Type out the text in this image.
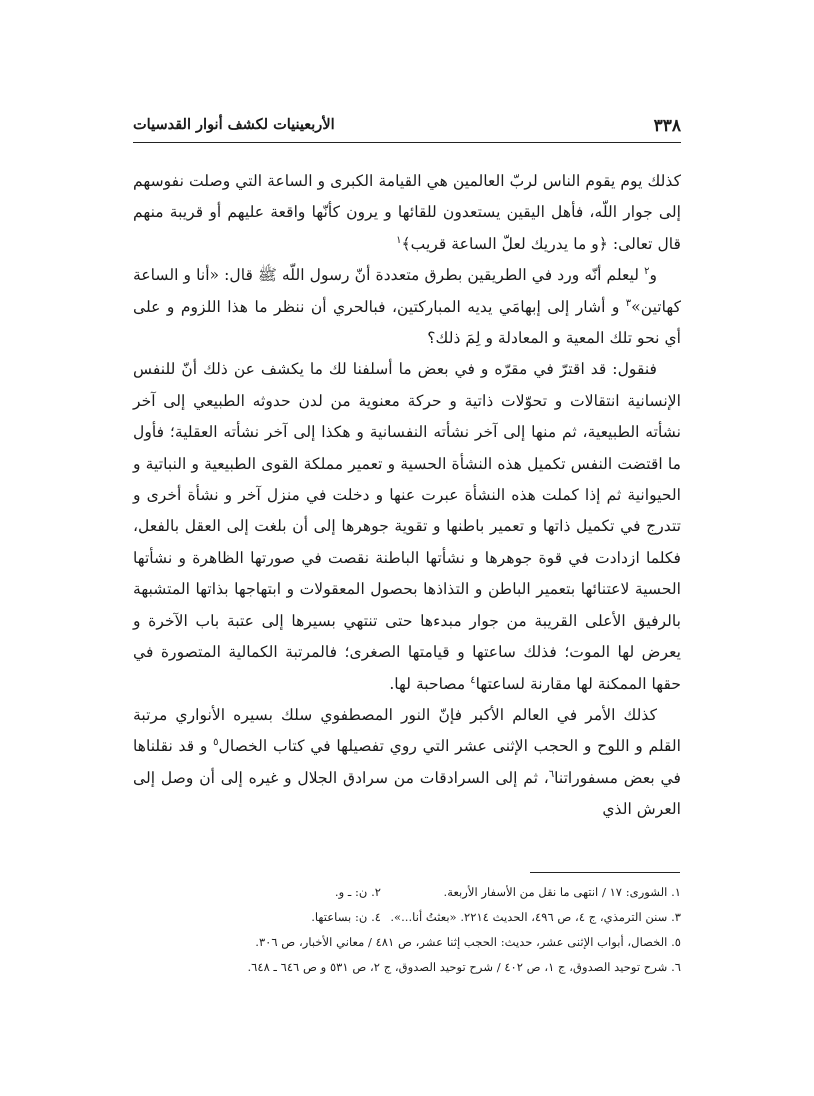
٣٣٨
الأربعينيات لكشف أنوار القدسيات

كذلك يوم يقوم الناس لربّ العالمين هي القيامة الكبرى و الساعة التي وصلت نفوسهم إلى جوار اللّه، فأهل اليقين يستعدون للقائها و يرون كأنّها واقعة عليهم أو قريبة منهم قال تعالى: ﴿و ما يدريك لعلّ الساعة قريب﴾$^١$

و$^٢$ ليعلم أنّه ورد في الطريقين بطرق متعددة أنّ رسول اللّه ﷺ قال: «أنا و الساعة كهاتين»$^٣$ و أشار إلى إبهامَي يديه المباركتين، فبالحري أن ننظر ما هذا اللزوم و على أي نحو تلك المعية و المعادلة و لِمَ ذلك؟

فنقول: قد اقترّ في مقرّه و في بعض ما أسلفنا لك ما يكشف عن ذلك أنّ للنفس الإنسانية انتقالات و تحوّلات ذاتية و حركة معنوية من لدن حدوثه الطبيعي إلى آخر نشأته الطبيعية، ثم منها إلى آخر نشأته النفسانية و هكذا إلى آخر نشأته العقلية؛ فأول ما اقتضت النفس تكميل هذه النشأة الحسية و تعمير مملكة القوى الطبيعية و النباتية و الحيوانية ثم إذا كملت هذه النشأة عبرت عنها و دخلت في منزل آخر و نشأة أخرى و تتدرج في تكميل ذاتها و تعمير باطنها و تقوية جوهرها إلى أن بلغت إلى العقل بالفعل، فكلما ازدادت في قوة جوهرها و نشأتها الباطنة نقصت في صورتها الظاهرة و نشأتها الحسية لاعتنائها بتعمير الباطن و التذاذها بحصول المعقولات و ابتهاجها بذاتها المتشبهة بالرفيق الأعلى القريبة من جوار مبدءها حتى تنتهي بسيرها إلى عتبة باب الآخرة و يعرض لها الموت؛ فذلك ساعتها و قيامتها الصغرى؛ فالمرتبة الكمالية المتصورة في حقها الممكنة لها مقارنة لساعتها$^٤$ مصاحبة لها.

كذلك الأمر في العالم الأكبر فإنّ النور المصطفوي سلك بسيره الأنواري مرتبة القلم و اللوح و الحجب الإثنى عشر التي روي تفصيلها في كتاب الخصال$^٥$ و قد نقلناها في بعض مسفوراتنا$^٦$، ثم إلى السرادقات من سرادق الجلال و غيره إلى أن وصل إلى العرش الذي

١. الشورى: ١٧ / انتهى ما نقل من الأسفار الأربعة.
٢. ن: ـ و.
٣. سنن الترمذي، ج ٤، ص ٤٩٦، الحديث ٢٢١٤. «بعثتُ أنا...».
٤. ن: بساعتها.
٥. الخصال، أبواب الإثنى عشر، حديث: الحجب إثنا عشر، ص ٤٨١ / معاني الأخبار، ص ٣٠٦.
٦. شرح توحيد الصدوق، ج ١، ص ٤٠٢ / شرح توحيد الصدوق، ج ٢، ص ٥٣١ و ص ٦٤٦ ـ ٦٤٨.
